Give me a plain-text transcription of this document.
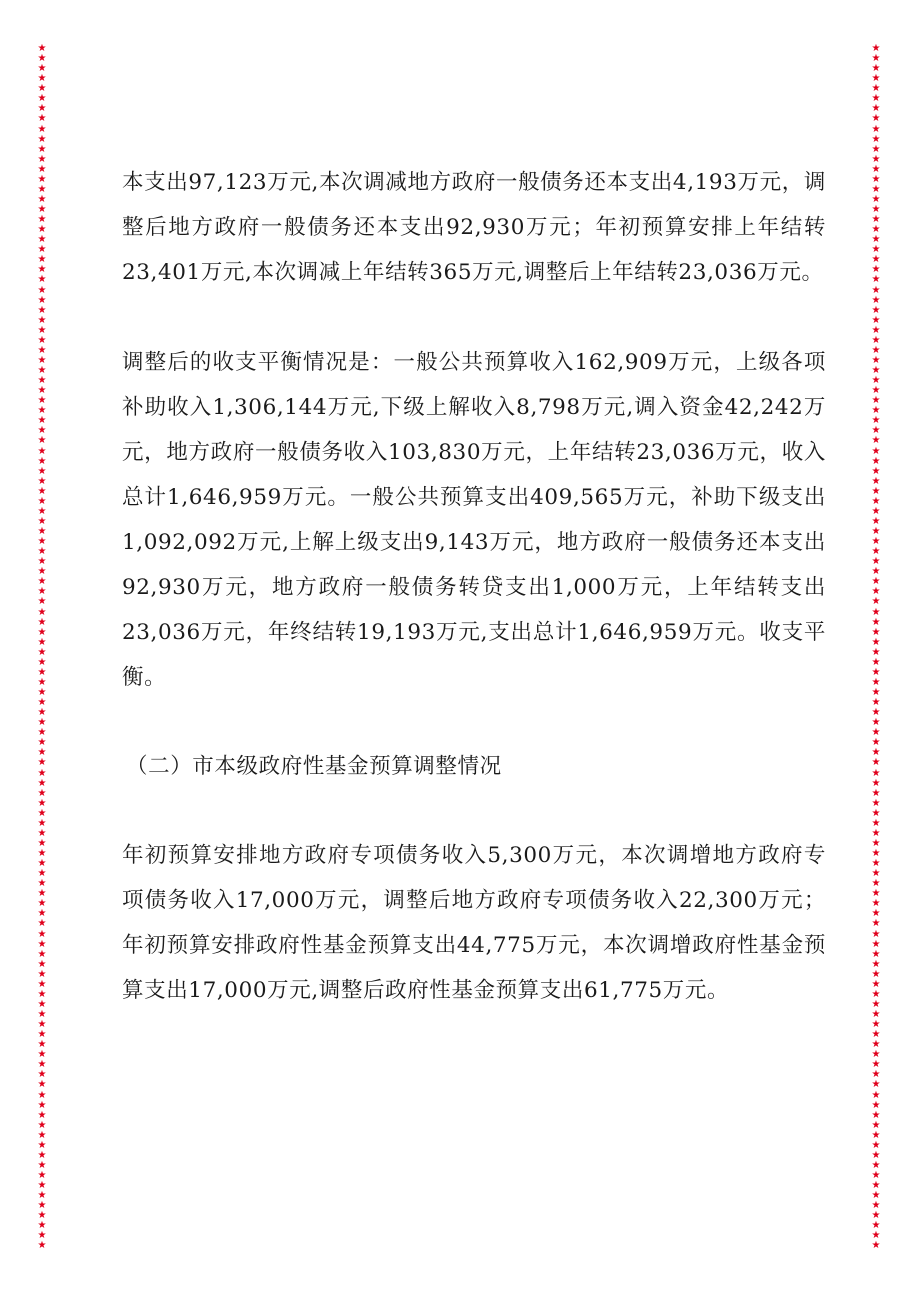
★
★
★
★
★
★
★
★
★
★
★
★
★
★
★
★
★
★
★
★
★
★
★
★
★
★
★
★
★
★
★
★
★
★
★
★
★
★
★
★
★
★
★
★
★
★
★
★
★
★
★
★
★
★
★
★
★
★
★
★
★
★
★
★
★
★
★
★
★
★
★
★
★
★
★
★
★
★
★
★
★
★
★
★
★
★
★
★
★
★
★
★
★
★
★
★
★
★
★
★
★
★
★
★
★
★
★
★
★
★
★
★
★
★
★
★
★
★
★
★
★
★
★
★
★
★
★
★
★
★
★
★
★
★
★
★
★
★
★
★
★
★
★
★
★
★
★
★
★
★
★
★
★
★
★
★
★
★
★
★
★
★
★
★
★
★
★
★
★
★
★
★
★
★
★
★
★
★
★
★
★
★
★
★
★
★
★
★
★
★
★
★
★
★
★
★
★
★
★
★
★
★
★
★
★
★
★
★
★
★
★
★
★
★
★
★
★
★
★
★
★
★
★
★
★
★
★
★
★
★
★
★
★
★
★
★
★
★
★
★

本支出97,123万元,本次调减地方政府一般债务还本支出4,193万元，调整后地方政府一般债务还本支出92,930万元；年初预算安排上年结转23,401万元,本次调减上年结转365万元,调整后上年结转23,036万元。

调整后的收支平衡情况是：一般公共预算收入162,909万元，上级各项补助收入1,306,144万元,下级上解收入8,798万元,调入资金42,242万元，地方政府一般债务收入103,830万元，上年结转23,036万元，收入总计1,646,959万元。一般公共预算支出409,565万元，补助下级支出1,092,092万元,上解上级支出9,143万元，地方政府一般债务还本支出92,930万元，地方政府一般债务转贷支出1,000万元，上年结转支出23,036万元，年终结转19,193万元,支出总计1,646,959万元。收支平衡。

（二）市本级政府性基金预算调整情况

年初预算安排地方政府专项债务收入5,300万元，本次调增地方政府专项债务收入17,000万元，调整后地方政府专项债务收入22,300万元；年初预算安排政府性基金预算支出44,775万元，本次调增政府性基金预算支出17,000万元,调整后政府性基金预算支出61,775万元。
